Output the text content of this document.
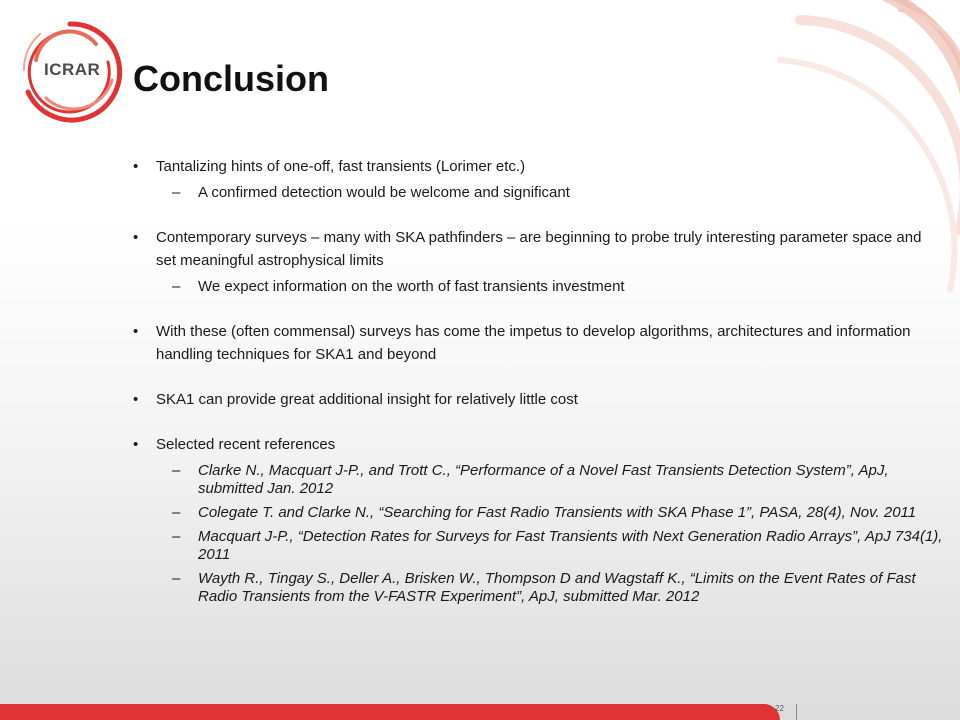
ICRAR Conclusion
• Tantalizing hints of one-off, fast transients (Lorimer etc.)
– A confirmed detection would be welcome and significant
• Contemporary surveys – many with SKA pathfinders – are beginning to probe truly interesting parameter space and set meaningful astrophysical limits
– We expect information on the worth of fast transients investment
• With these (often commensal) surveys has come the impetus to develop algorithms, architectures and information handling techniques for SKA1 and beyond
• SKA1 can provide great additional insight for relatively little cost
• Selected recent references
– Clarke N., Macquart J-P., and Trott C., “Performance of a Novel Fast Transients Detection System”, ApJ, submitted Jan. 2012
– Colegate T. and Clarke N., “Searching for Fast Radio Transients with SKA Phase 1”, PASA, 28(4), Nov. 2011
– Macquart J-P., “Detection Rates for Surveys for Fast Transients with Next Generation Radio Arrays”, ApJ 734(1), 2011
– Wayth R., Tingay S., Deller A., Brisken W., Thompson D and Wagstaff K., “Limits on the Event Rates of Fast Radio Transients from the V-FASTR Experiment”, ApJ, submitted Mar. 2012
22
